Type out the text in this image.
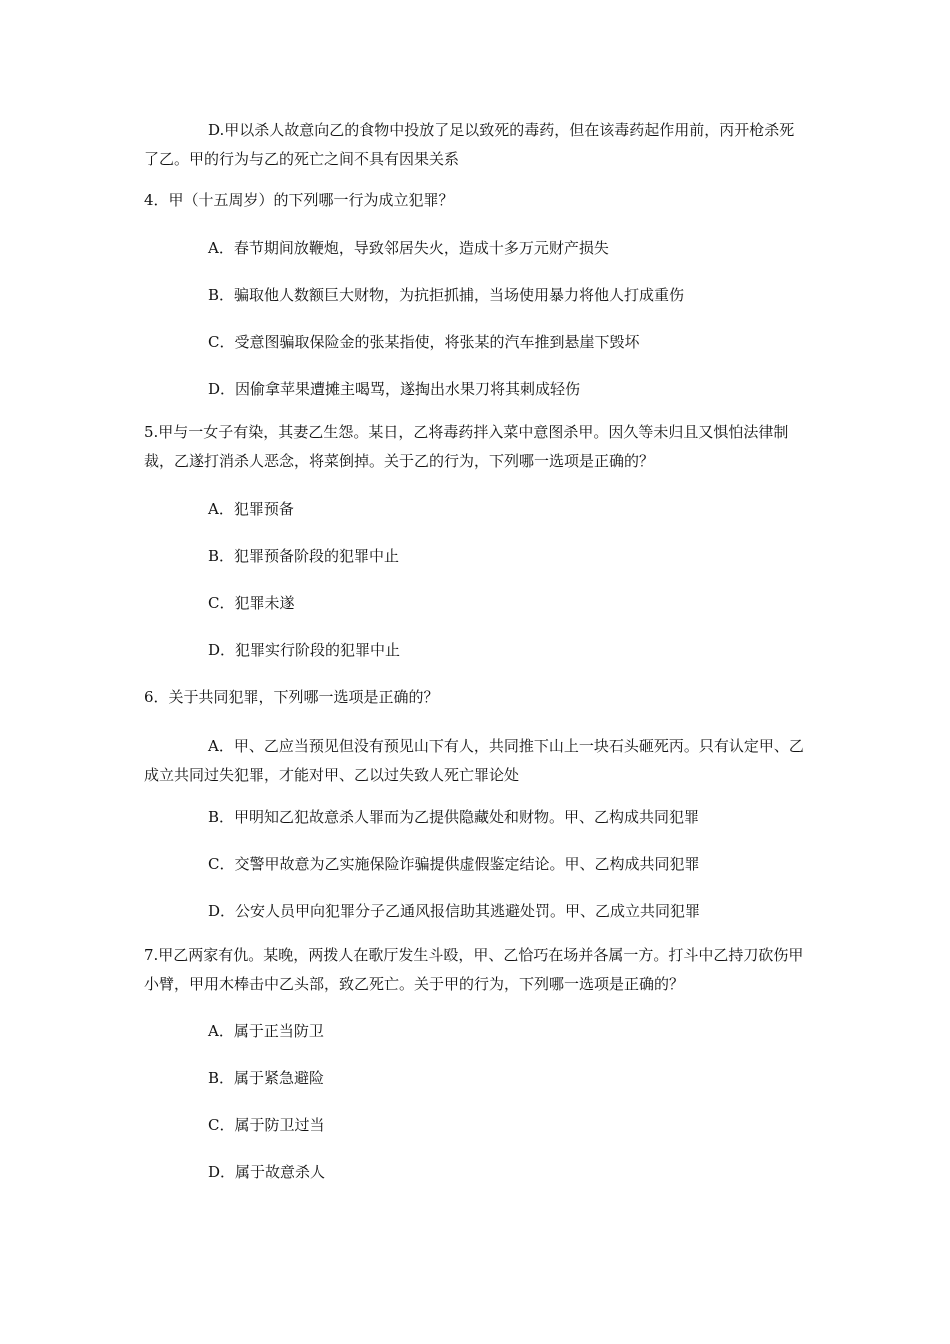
D.甲以杀人故意向乙的食物中投放了足以致死的毒药，但在该毒药起作用前，丙开枪杀死了乙。甲的行为与乙的死亡之间不具有因果关系

4．甲（十五周岁）的下列哪一行为成立犯罪？

A．春节期间放鞭炮，导致邻居失火，造成十多万元财产损失

B．骗取他人数额巨大财物，为抗拒抓捕，当场使用暴力将他人打成重伤

C．受意图骗取保险金的张某指使，将张某的汽车推到悬崖下毁坏

D．因偷拿苹果遭摊主喝骂，遂掏出水果刀将其刺成轻伤

5.甲与一女子有染，其妻乙生怨。某日，乙将毒药拌入菜中意图杀甲。因久等未归且又惧怕法律制裁，乙遂打消杀人恶念，将菜倒掉。关于乙的行为，下列哪一选项是正确的？

A．犯罪预备

B．犯罪预备阶段的犯罪中止

C．犯罪未遂

D．犯罪实行阶段的犯罪中止

6．关于共同犯罪，下列哪一选项是正确的？

A．甲、乙应当预见但没有预见山下有人，共同推下山上一块石头砸死丙。只有认定甲、乙成立共同过失犯罪，才能对甲、乙以过失致人死亡罪论处

B．甲明知乙犯故意杀人罪而为乙提供隐藏处和财物。甲、乙构成共同犯罪

C．交警甲故意为乙实施保险诈骗提供虚假鉴定结论。甲、乙构成共同犯罪

D．公安人员甲向犯罪分子乙通风报信助其逃避处罚。甲、乙成立共同犯罪

7.甲乙两家有仇。某晚，两拨人在歌厅发生斗殴，甲、乙恰巧在场并各属一方。打斗中乙持刀砍伤甲小臂，甲用木棒击中乙头部，致乙死亡。关于甲的行为，下列哪一选项是正确的？

A．属于正当防卫

B．属于紧急避险

C．属于防卫过当

D．属于故意杀人
